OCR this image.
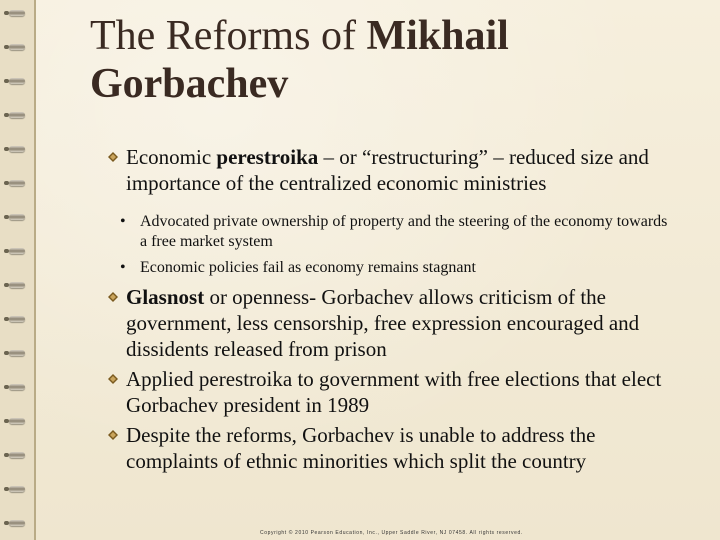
The Reforms of Mikhail Gorbachev
Economic perestroika – or “restructuring” – reduced size and importance of the centralized economic ministries
• Advocated private ownership of property and the steering of the economy towards a free market system
• Economic policies fail as economy remains stagnant
Glasnost or openness- Gorbachev allows criticism of the government, less censorship, free expression encouraged and dissidents released from prison
Applied perestroika to government with free elections that elect Gorbachev president in 1989
Despite the reforms, Gorbachev is unable to address the complaints of ethnic minorities which split the country
Copyright © 2010 Pearson Education, Inc., Upper Saddle River, NJ 07458. All rights reserved.
